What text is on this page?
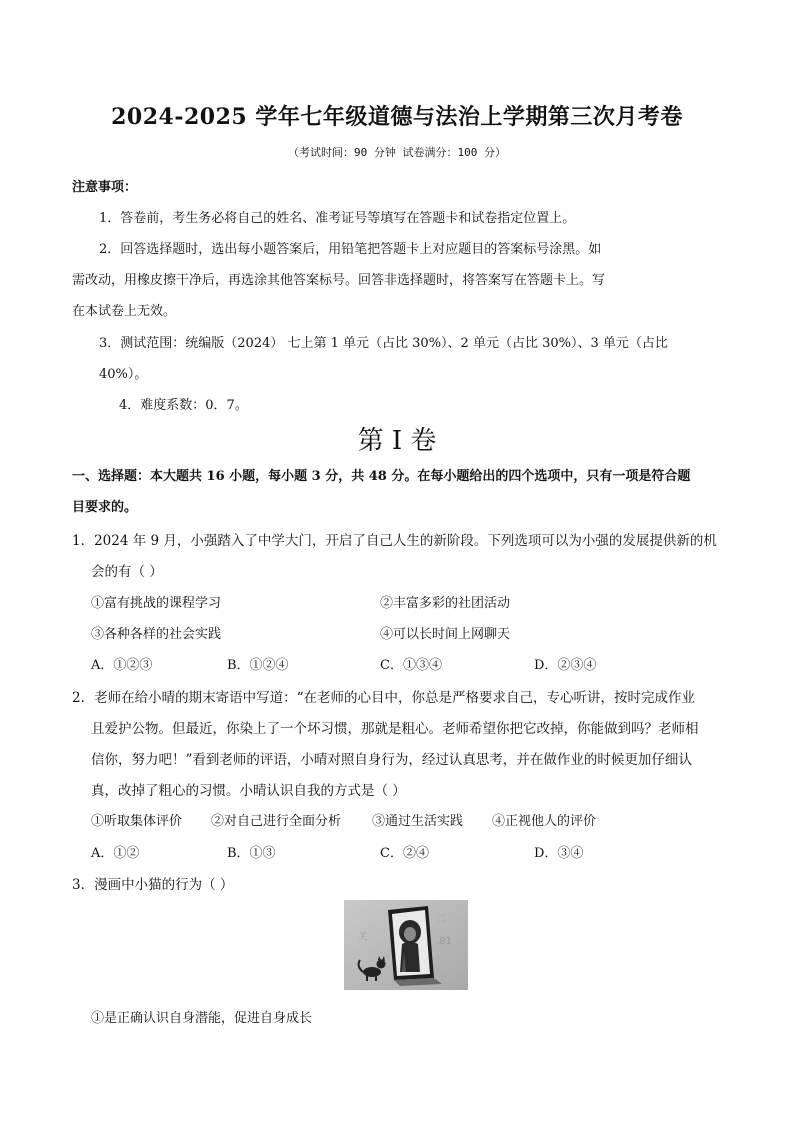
2024-2025 学年七年级道德与法治上学期第三次月考卷
（考试时间：90 分钟 试卷满分：100 分）
注意事项：
1．答卷前，考生务必将自己的姓名、准考证号等填写在答题卡和试卷指定位置上。
2．回答选择题时，选出每小题答案后，用铅笔把答题卡上对应题目的答案标号涂黑。如
需改动，用橡皮擦干净后，再选涂其他答案标号。回答非选择题时，将答案写在答题卡上。写
在本试卷上无效。
3．测试范围：统编版（2024） 七上第 1 单元（占比 30%）、2 单元（占比 30%）、3 单元（占比
40%）。
4．难度系数：0．7。
第 I 卷
一、选择题：本大题共 16 小题，每小题 3 分，共 48 分。在每小题给出的四个选项中，只有一项是符合题
目要求的。
1．2024 年 9 月，小强踏入了中学大门，开启了自己人生的新阶段。下列选项可以为小强的发展提供新的机
会的有（ ）
①富有挑战的课程学习	②丰富多彩的社团活动
③各种各样的社会实践	④可以长时间上网聊天
A．①②③	B．①②④	C．①③④	D．②③④
2．老师在给小晴的期末寄语中写道：“在老师的心目中，你总是严格要求自己，专心听讲，按时完成作业
且爱护公物。但最近，你染上了一个坏习惯，那就是粗心。老师希望你把它改掉，你能做到吗？老师相
信你，努力吧！”看到老师的评语，小晴对照自身行为，经过认真思考，并在做作业的时候更加仔细认
真，改掉了粗心的习惯。小晴认识自我的方式是（ ）
①听取集体评价 ②对自己进行全面分析 ③通过生活实践 ④正视他人的评价
A．①②	B．①③	C．②④	D．③④
3．漫画中小猫的行为（ ）
二
.81
关
①是正确认识自身潜能，促进自身成长
